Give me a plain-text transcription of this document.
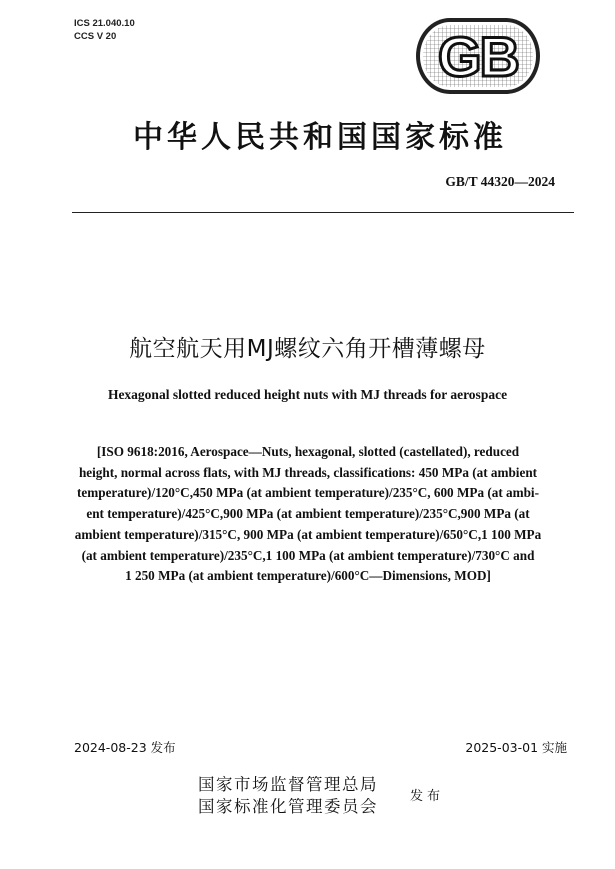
ICS 21.040.10
CCS V 20	GB
中华人民共和国国家标准
GB/T 44320—2024
航空航天用MJ螺纹六角开槽薄螺母
Hexagonal slotted reduced height nuts with MJ threads for aerospace
[ISO 9618:2016, Aerospace—Nuts, hexagonal, slotted (castellated), reduced
height, normal across flats, with MJ threads, classifications: 450 MPa (at ambient
temperature)/120°C,450 MPa (at ambient temperature)/235°C, 600 MPa (at ambi-
ent temperature)/425°C,900 MPa (at ambient temperature)/235°C,900 MPa (at
ambient temperature)/315°C, 900 MPa (at ambient temperature)/650°C,1 100 MPa
(at ambient temperature)/235°C,1 100 MPa (at ambient temperature)/730°C and
1 250 MPa (at ambient temperature)/600°C—Dimensions, MOD]
2024-08-23 发布	2025-03-01 实施
国家市场监督管理总局
国家标准化管理委员会
发布
